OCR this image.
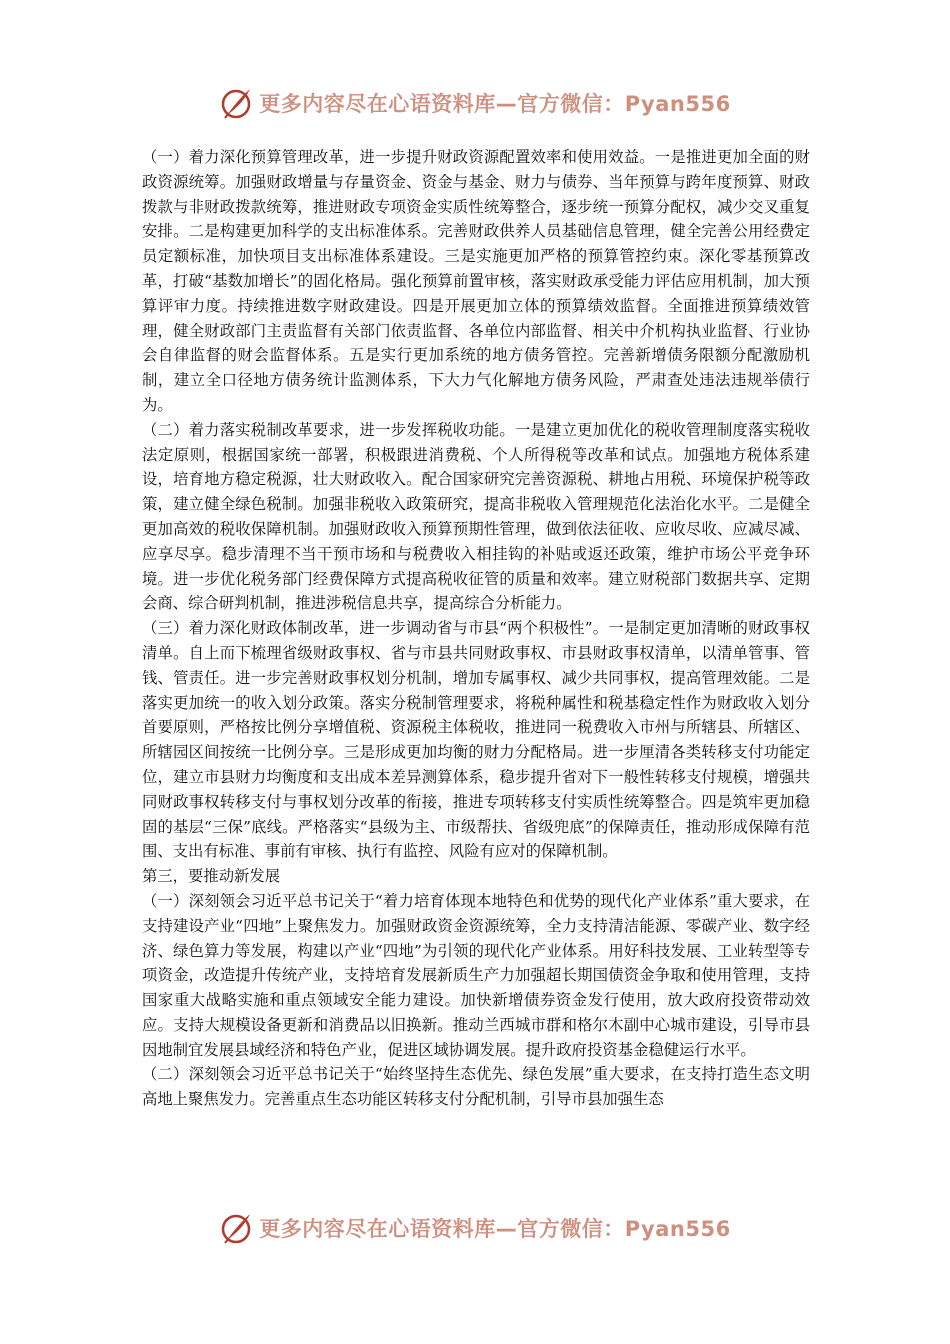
更多内容尽在心语资料库—官方微信：Pyan556

（一）着力深化预算管理改革，进一步提升财政资源配置效率和使用效益。一是推进更加全面的财政资源统筹。加强财政增量与存量资金、资金与基金、财力与债券、当年预算与跨年度预算、财政拨款与非财政拨款统筹，推进财政专项资金实质性统筹整合，逐步统一预算分配权，减少交叉重复安排。二是构建更加科学的支出标准体系。完善财政供养人员基础信息管理，健全完善公用经费定员定额标准，加快项目支出标准体系建设。三是实施更加严格的预算管控约束。深化零基预算改革，打破“基数加增长”的固化格局。强化预算前置审核，落实财政承受能力评估应用机制，加大预算评审力度。持续推进数字财政建设。四是开展更加立体的预算绩效监督。全面推进预算绩效管理，健全财政部门主责监督有关部门依责监督、各单位内部监督、相关中介机构执业监督、行业协会自律监督的财会监督体系。五是实行更加系统的地方债务管控。完善新增债务限额分配激励机制，建立全口径地方债务统计监测体系，下大力气化解地方债务风险，严肃查处违法违规举债行为。

（二）着力落实税制改革要求，进一步发挥税收功能。一是建立更加优化的税收管理制度落实税收法定原则，根据国家统一部署，积极跟进消费税、个人所得税等改革和试点。加强地方税体系建设，培育地方稳定税源，壮大财政收入。配合国家研究完善资源税、耕地占用税、环境保护税等政策，建立健全绿色税制。加强非税收入政策研究，提高非税收入管理规范化法治化水平。二是健全更加高效的税收保障机制。加强财政收入预算预期性管理，做到依法征收、应收尽收、应减尽减、应享尽享。稳步清理不当干预市场和与税费收入相挂钩的补贴或返还政策，维护市场公平竞争环境。进一步优化税务部门经费保障方式提高税收征管的质量和效率。建立财税部门数据共享、定期会商、综合研判机制，推进涉税信息共享，提高综合分析能力。

（三）着力深化财政体制改革，进一步调动省与市县“两个积极性”。一是制定更加清晰的财政事权清单。自上而下梳理省级财政事权、省与市县共同财政事权、市县财政事权清单，以清单管事、管钱、管责任。进一步完善财政事权划分机制，增加专属事权、减少共同事权，提高管理效能。二是落实更加统一的收入划分政策。落实分税制管理要求，将税种属性和税基稳定性作为财政收入划分首要原则，严格按比例分享增值税、资源税主体税收，推进同一税费收入市州与所辖县、所辖区、所辖园区间按统一比例分享。三是形成更加均衡的财力分配格局。进一步厘清各类转移支付功能定位，建立市县财力均衡度和支出成本差异测算体系，稳步提升省对下一般性转移支付规模，增强共同财政事权转移支付与事权划分改革的衔接，推进专项转移支付实质性统筹整合。四是筑牢更加稳固的基层“三保”底线。严格落实“县级为主、市级帮扶、省级兜底”的保障责任，推动形成保障有范围、支出有标准、事前有审核、执行有监控、风险有应对的保障机制。

第三，要推动新发展

（一）深刻领会习近平总书记关于“着力培育体现本地特色和优势的现代化产业体系”重大要求，在支持建设产业“四地”上聚焦发力。加强财政资金资源统筹，全力支持清洁能源、零碳产业、数字经济、绿色算力等发展，构建以产业“四地”为引领的现代化产业体系。用好科技发展、工业转型等专项资金，改造提升传统产业，支持培育发展新质生产力加强超长期国债资金争取和使用管理，支持国家重大战略实施和重点领域安全能力建设。加快新增债券资金发行使用，放大政府投资带动效应。支持大规模设备更新和消费品以旧换新。推动兰西城市群和格尔木副中心城市建设，引导市县因地制宜发展县域经济和特色产业，促进区域协调发展。提升政府投资基金稳健运行水平。

（二）深刻领会习近平总书记关于“始终坚持生态优先、绿色发展”重大要求，在支持打造生态文明高地上聚焦发力。完善重点生态功能区转移支付分配机制，引导市县加强生态

更多内容尽在心语资料库—官方微信：Pyan556
